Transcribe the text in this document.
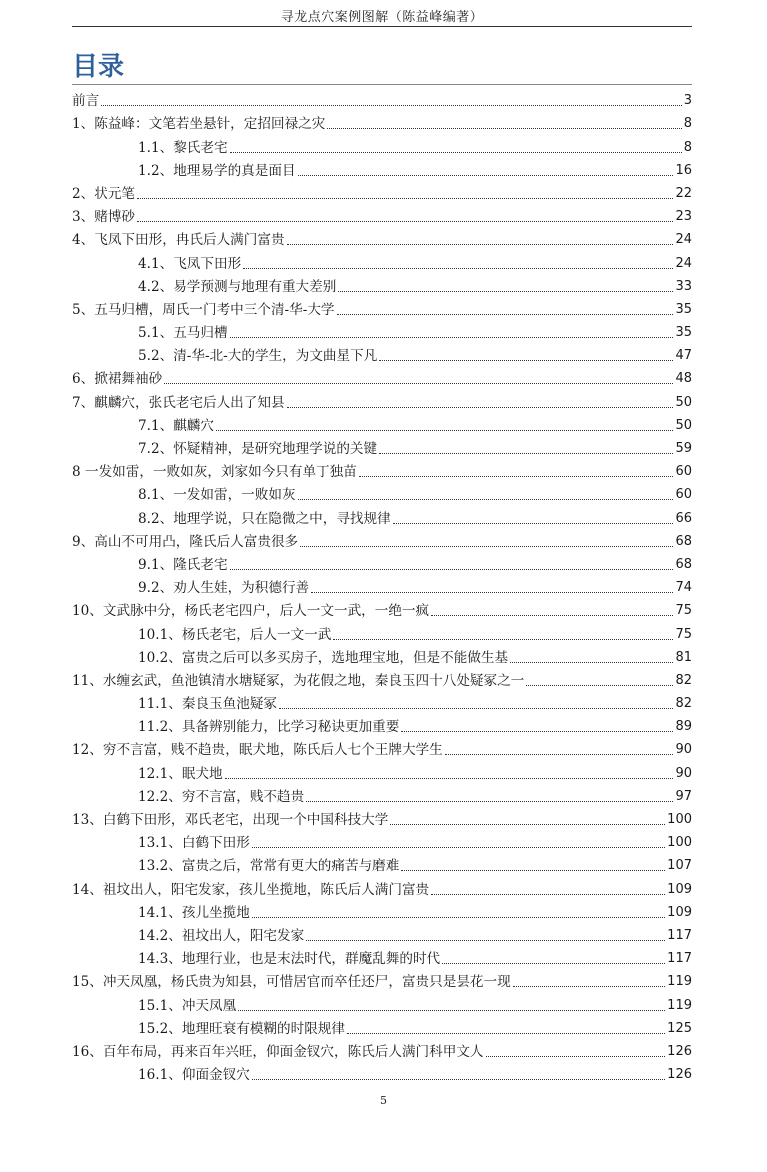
寻龙点穴案例图解（陈益峰编著）
目录
前言	3
1、陈益峰：文笔若坐悬针，定招回禄之灾	8
1.1、黎氏老宅	8
1.2、地理易学的真是面目	16
2、状元笔	22
3、赌博砂	23
4、飞凤下田形，冉氏后人满门富贵	24
4.1、飞凤下田形	24
4.2、易学预测与地理有重大差别	33
5、五马归槽，周氏一门考中三个清-华-大学	35
5.1、五马归槽	35
5.2、清-华-北-大的学生，为文曲星下凡	47
6、掀裙舞袖砂	48
7、麒麟穴，张氏老宅后人出了知县	50
7.1、麒麟穴	50
7.2、怀疑精神，是研究地理学说的关键	59
8 一发如雷，一败如灰，刘家如今只有单丁独苗	60
8.1、一发如雷，一败如灰	60
8.2、地理学说，只在隐微之中，寻找规律	66
9、高山不可用凸，隆氏后人富贵很多	68
9.1、隆氏老宅	68
9.2、劝人生娃，为积德行善	74
10、文武脉中分，杨氏老宅四户，后人一文一武，一绝一疯	75
10.1、杨氏老宅，后人一文一武	75
10.2、富贵之后可以多买房子，选地理宝地，但是不能做生基	81
11、水缠玄武，鱼池镇清水塘疑冢，为花假之地，秦良玉四十八处疑冢之一	82
11.1、秦良玉鱼池疑冢	82
11.2、具备辨别能力，比学习秘诀更加重要	89
12、穷不言富，贱不趋贵，眠犬地，陈氏后人七个王牌大学生	90
12.1、眠犬地	90
12.2、穷不言富，贱不趋贵	97
13、白鹤下田形，邓氏老宅，出现一个中国科技大学	100
13.1、白鹤下田形	100
13.2、富贵之后，常常有更大的痛苦与磨难	107
14、祖坟出人，阳宅发家，孩儿坐揽地，陈氏后人满门富贵	109
14.1、孩儿坐揽地	109
14.2、祖坟出人，阳宅发家	117
14.3、地理行业，也是末法时代，群魔乱舞的时代	117
15、冲天凤凰，杨氏贵为知县，可惜居官而卒任还尸，富贵只是昙花一现	119
15.1、冲天凤凰	119
15.2、地理旺衰有模糊的时限规律	125
16、百年布局，再来百年兴旺，仰面金钗穴，陈氏后人满门科甲文人	126
16.1、仰面金钗穴	126
5
